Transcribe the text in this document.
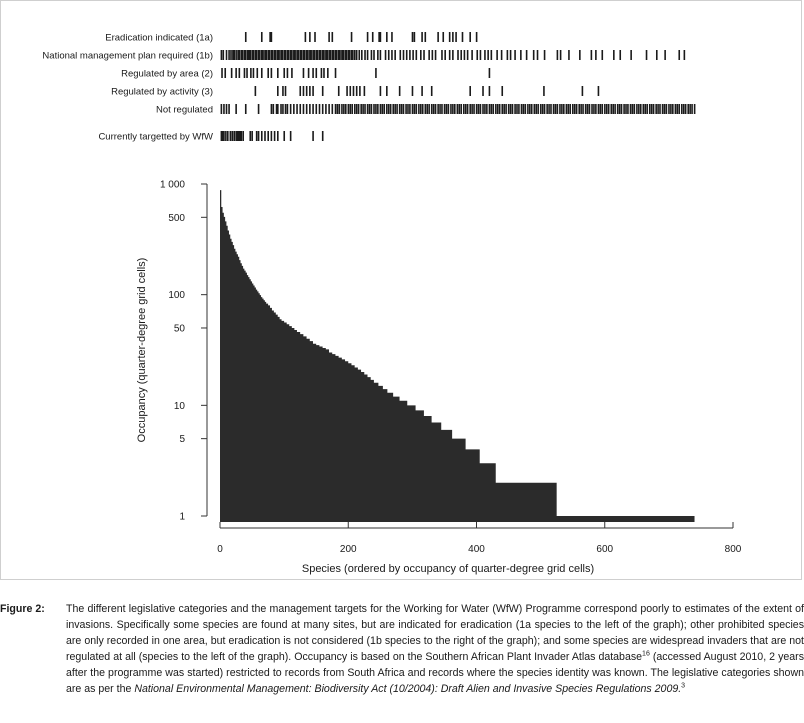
Eradication indicated (1a)
National management plan required (1b)
Regulated by area (2)
Regulated by activity (3)
Not regulated
Currently targetted by WfW
1
5
10
50
100
500
1 000
Occupancy (quarter-degree grid cells)
0	200	400	600	800
Species (ordered by occupancy of quarter-degree grid cells)
Figure 2: The different legislative categories and the management targets for the Working for Water (WfW) Programme correspond poorly to estimates of the extent of invasions. Specifically some species are found at many sites, but are indicated for eradication (1a species to the left of the graph); other prohibited species are only recorded in one area, but eradication is not considered (1b species to the right of the graph); and some species are widespread invaders that are not regulated at all (species to the left of the graph). Occupancy is based on the Southern African Plant Invader Atlas database$^{16}$ (accessed August 2010, 2 years after the programme was started) restricted to records from South Africa and records where the species identity was known. The legislative categories shown are as per the National Environmental Management: Biodiversity Act (10/2004): Draft Alien and Invasive Species Regulations 2009.$^3$
